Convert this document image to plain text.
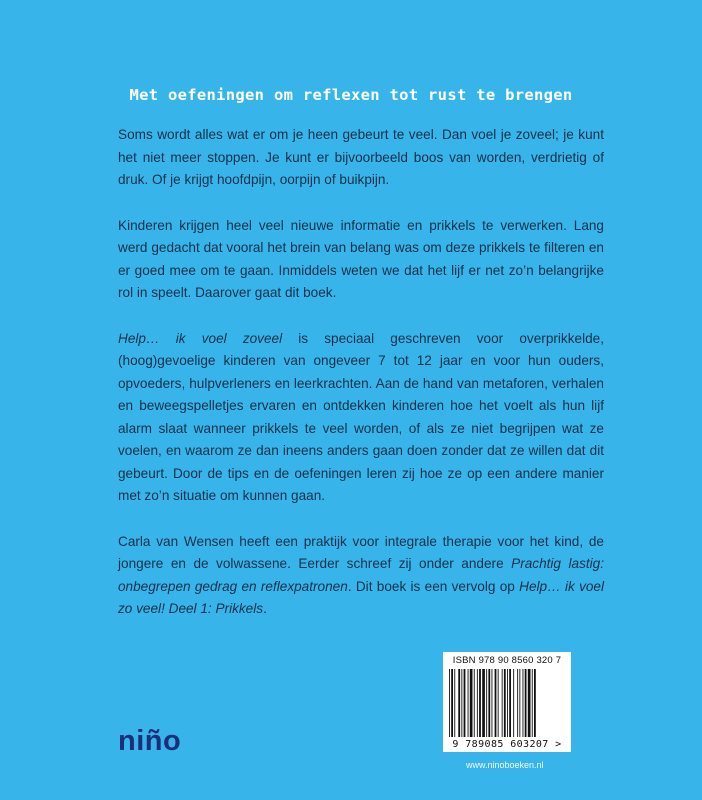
Met oefeningen om reflexen tot rust te brengen

Soms wordt alles wat er om je heen gebeurt te veel. Dan voel je zoveel; je kunt het niet meer stoppen. Je kunt er bijvoorbeeld boos van worden, verdrietig of druk. Of je krijgt hoofdpijn, oorpijn of buikpijn.

Kinderen krijgen heel veel nieuwe informatie en prikkels te verwerken. Lang werd gedacht dat vooral het brein van belang was om deze prikkels te filteren en er goed mee om te gaan. Inmiddels weten we dat het lijf er net zo’n belangrijke rol in speelt. Daarover gaat dit boek.

Help… ik voel zoveel is speciaal geschreven voor overprikkelde, (hoog)gevoelige kinderen van ongeveer 7 tot 12 jaar en voor hun ouders, opvoeders, hulpverleners en leerkrachten. Aan de hand van metaforen, verhalen en beweegspelletjes ervaren en ontdekken kinderen hoe het voelt als hun lijf alarm slaat wanneer prikkels te veel worden, of als ze niet begrijpen wat ze voelen, en waarom ze dan ineens anders gaan doen zonder dat ze willen dat dit gebeurt. Door de tips en de oefeningen leren zij hoe ze op een andere manier met zo’n situatie om kunnen gaan.

Carla van Wensen heeft een praktijk voor integrale therapie voor het kind, de jongere en de volwassene. Eerder schreef zij onder andere Prachtig lastig: onbegrepen gedrag en reflexpatronen. Dit boek is een vervolg op Help… ik voel zo veel! Deel 1: Prikkels.

niño
ISBN 978 90 8560 320 7
9 789085 603207 >
www.ninoboeken.nl
